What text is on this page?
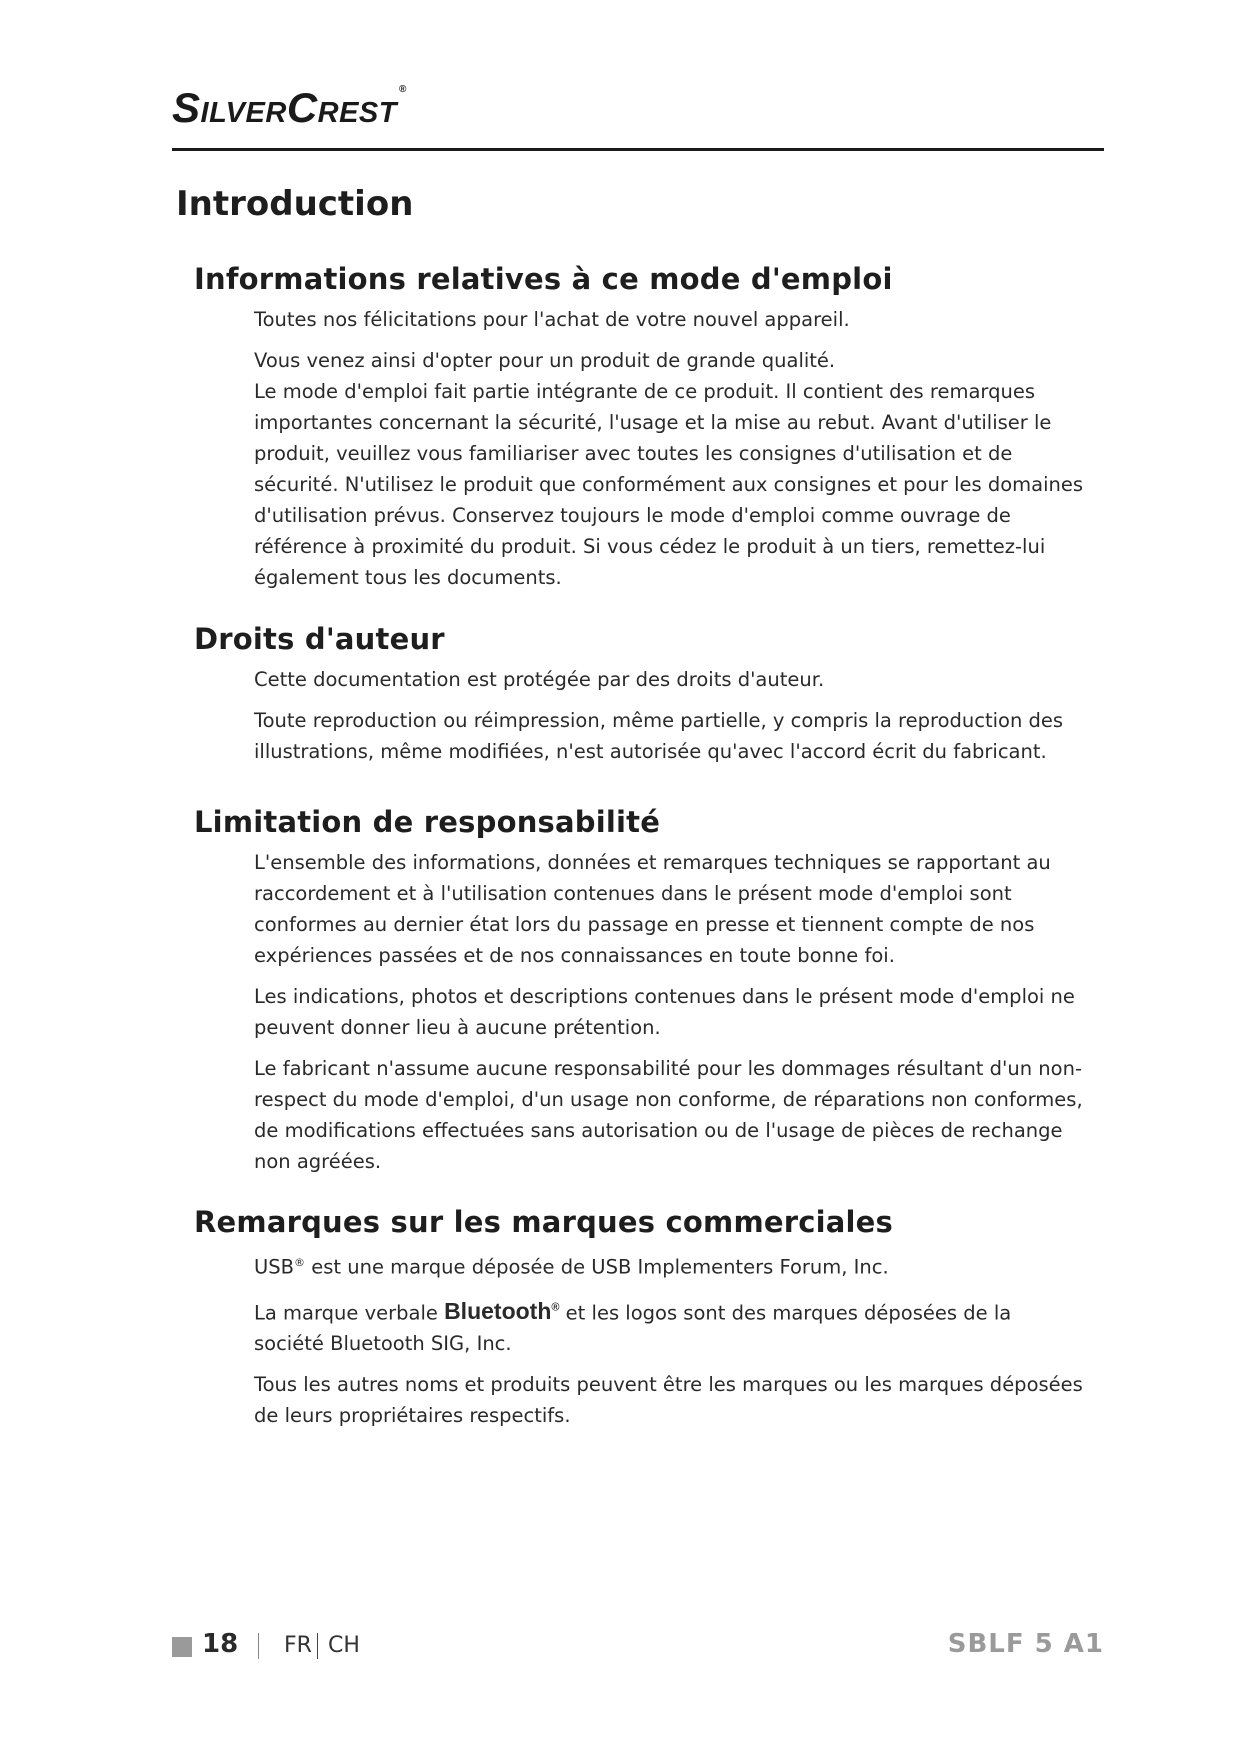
SilverCrest ®
Introduction
Informations relatives à ce mode d'emploi

Toutes nos félicitations pour l'achat de votre nouvel appareil.

Vous venez ainsi d'opter pour un produit de grande qualité.

Le mode d'emploi fait partie intégrante de ce produit. Il contient des remarques importantes concernant la sécurité, l'usage et la mise au rebut. Avant d'utiliser le produit, veuillez vous familiariser avec toutes les consignes d'utilisation et de sécurité. N'utilisez le produit que conformément aux consignes et pour les domaines d'utilisation prévus. Conservez toujours le mode d'emploi comme ouvrage de référence à proximité du produit. Si vous cédez le produit à un tiers, remettez-lui également tous les documents.

Droits d'auteur

Cette documentation est protégée par des droits d'auteur.

Toute reproduction ou réimpression, même partielle, y compris la reproduction des illustrations, même modifiées, n'est autorisée qu'avec l'accord écrit du fabricant.

Limitation de responsabilité

L'ensemble des informations, données et remarques techniques se rapportant au raccordement et à l'utilisation contenues dans le présent mode d'emploi sont conformes au dernier état lors du passage en presse et tiennent compte de nos expériences passées et de nos connaissances en toute bonne foi.

Les indications, photos et descriptions contenues dans le présent mode d'emploi ne peuvent donner lieu à aucune prétention.

Le fabricant n'assume aucune responsabilité pour les dommages résultant d'un non-respect du mode d'emploi, d'un usage non conforme, de réparations non conformes, de modifications effectuées sans autorisation ou de l'usage de pièces de rechange non agréées.

Remarques sur les marques commerciales

USB® est une marque déposée de USB Implementers Forum, Inc.

La marque verbale Bluetooth® et les logos sont des marques déposées de la société Bluetooth SIG, Inc.

Tous les autres noms et produits peuvent être les marques ou les marques déposées de leurs propriétaires respectifs.

18 FR CH	SBLF 5 A1
